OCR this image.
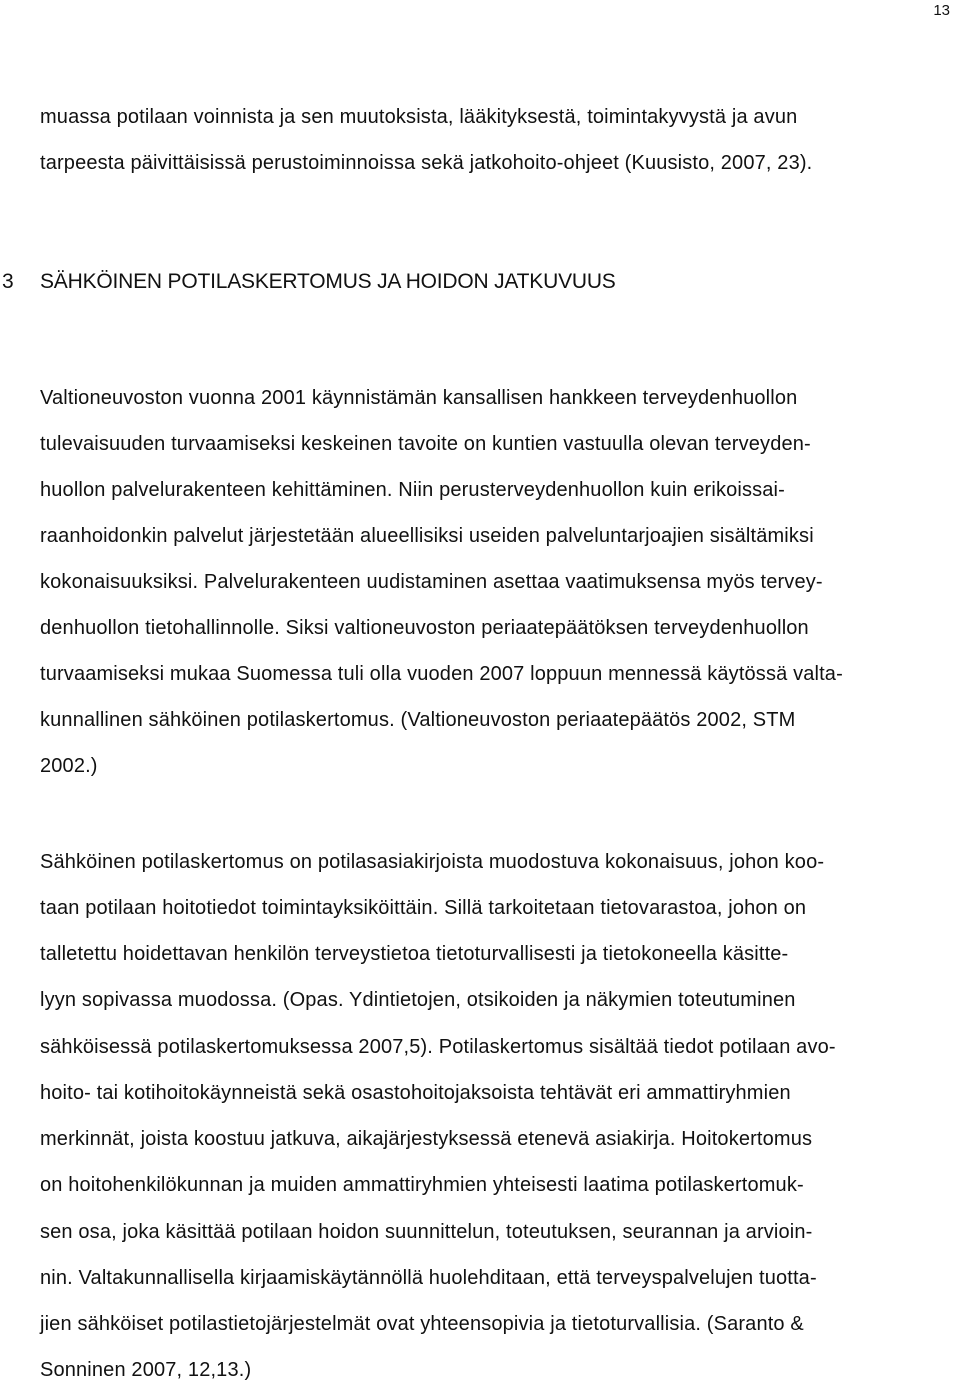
13
muassa potilaan voinnista ja sen muutoksista, lääkityksestä, toimintakyvystä ja avun
tarpeesta päivittäisissä perustoiminnoissa sekä jatkohoito-ohjeet (Kuusisto, 2007, 23).
3 SÄHKÖINEN POTILASKERTOMUS JA HOIDON JATKUVUUS
Valtioneuvoston vuonna 2001 käynnistämän kansallisen hankkeen terveydenhuollon
tulevaisuuden turvaamiseksi keskeinen tavoite on kuntien vastuulla olevan terveyden-
huollon palvelurakenteen kehittäminen. Niin perusterveydenhuollon kuin erikoissai-
raanhoidonkin palvelut järjestetään alueellisiksi useiden palveluntarjoajien sisältämiksi
kokonaisuuksiksi. Palvelurakenteen uudistaminen asettaa vaatimuksensa myös tervey-
denhuollon tietohallinnolle. Siksi valtioneuvoston periaatepäätöksen terveydenhuollon
turvaamiseksi mukaa Suomessa tuli olla vuoden 2007 loppuun mennessä käytössä valta-
kunnallinen sähköinen potilaskertomus. (Valtioneuvoston periaatepäätös 2002, STM
2002.)
Sähköinen potilaskertomus on potilasasiakirjoista muodostuva kokonaisuus, johon koo-
taan potilaan hoitotiedot toimintayksiköittäin. Sillä tarkoitetaan tietovarastoa, johon on
talletettu hoidettavan henkilön terveystietoa tietoturvallisesti ja tietokoneella käsitte-
lyyn sopivassa muodossa. (Opas. Ydintietojen, otsikoiden ja näkymien toteutuminen
sähköisessä potilaskertomuksessa 2007,5). Potilaskertomus sisältää tiedot potilaan avo-
hoito- tai kotihoitokäynneistä sekä osastohoitojaksoista tehtävät eri ammattiryhmien
merkinnät, joista koostuu jatkuva, aikajärjestyksessä etenevä asiakirja. Hoitokertomus
on hoitohenkilökunnan ja muiden ammattiryhmien yhteisesti laatima potilaskertomuk-
sen osa, joka käsittää potilaan hoidon suunnittelun, toteutuksen, seurannan ja arvioin-
nin. Valtakunnallisella kirjaamiskäytännöllä huolehditaan, että terveyspalvelujen tuotta-
jien sähköiset potilastietojärjestelmät ovat yhteensopivia ja tietoturvallisia. (Saranto &
Sonninen 2007, 12,13.)
